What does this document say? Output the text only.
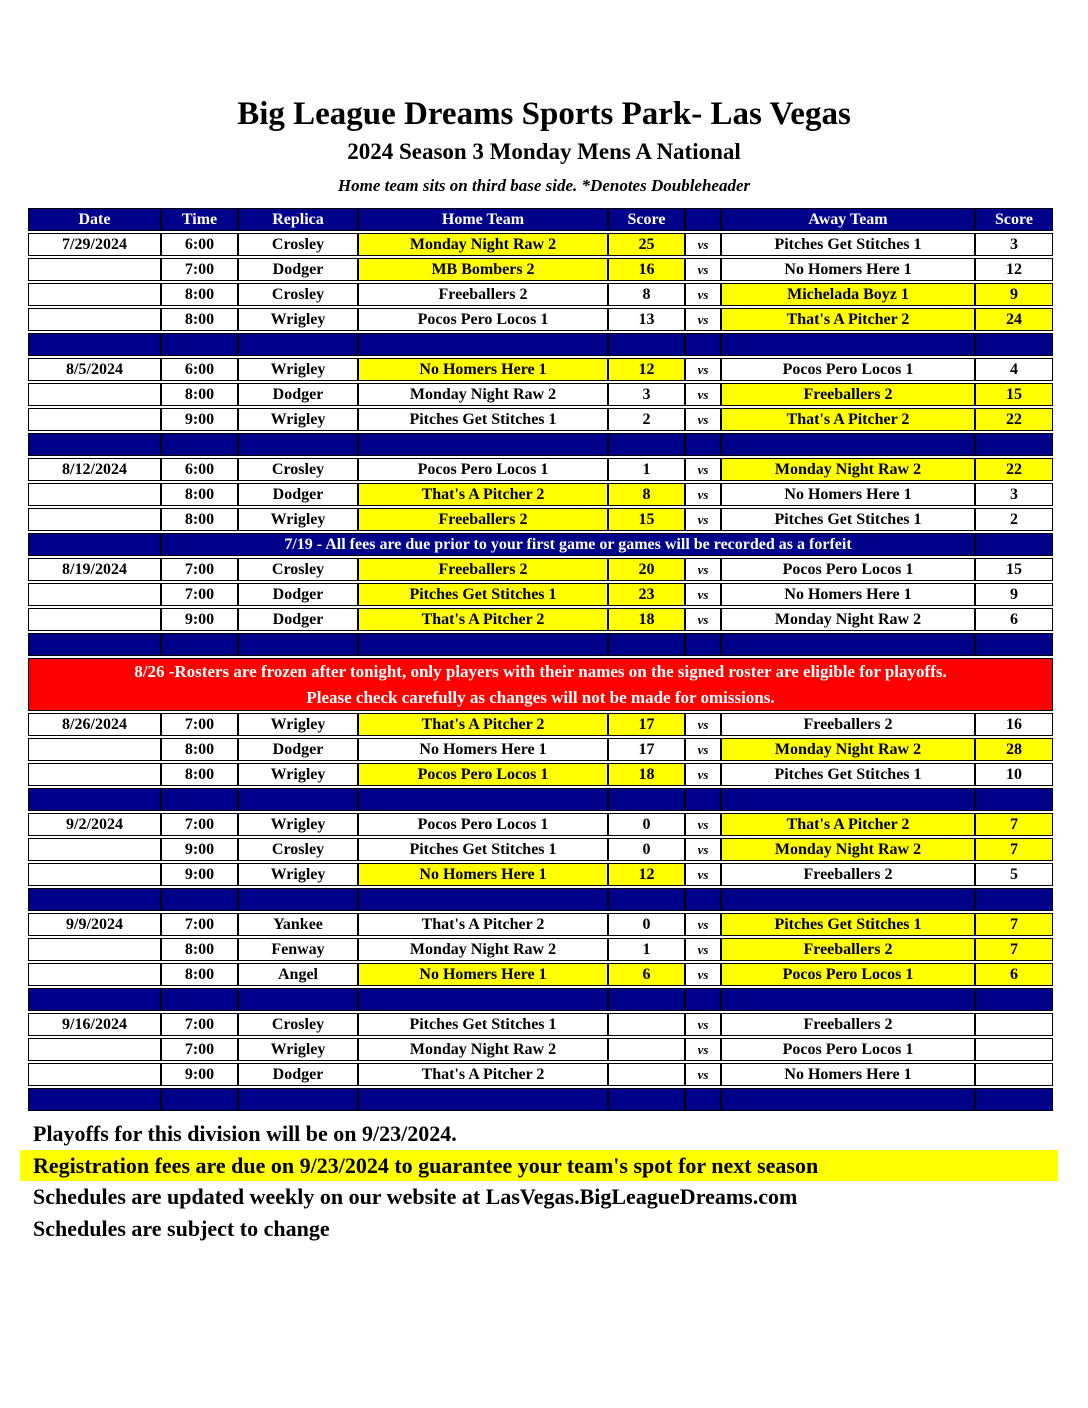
Big League Dreams Sports Park- Las Vegas
2024 Season 3 Monday Mens A National
Home team sits on third base side. *Denotes Doubleheader
Date	Time	Replica	Home Team	Score		Away Team	Score
7/29/2024	6:00	Crosley	Monday Night Raw 2	25	vs	Pitches Get Stitches 1	3
	7:00	Dodger	MB Bombers 2	16	vs	No Homers Here 1	12
	8:00	Crosley	Freeballers 2	8	vs	Michelada Boyz 1	9
	8:00	Wrigley	Pocos Pero Locos 1	13	vs	That's A Pitcher 2	24

8/5/2024	6:00	Wrigley	No Homers Here 1	12	vs	Pocos Pero Locos 1	4
	8:00	Dodger	Monday Night Raw 2	3	vs	Freeballers 2	15
	9:00	Wrigley	Pitches Get Stitches 1	2	vs	That's A Pitcher 2	22

8/12/2024	6:00	Crosley	Pocos Pero Locos 1	1	vs	Monday Night Raw 2	22
	8:00	Dodger	That's A Pitcher 2	8	vs	No Homers Here 1	3
	8:00	Wrigley	Freeballers 2	15	vs	Pitches Get Stitches 1	2
	7/19 - All fees are due prior to your first game or games will be recorded as a forfeit						
8/19/2024	7:00	Crosley	Freeballers 2	20	vs	Pocos Pero Locos 1	15
	7:00	Dodger	Pitches Get Stitches 1	23	vs	No Homers Here 1	9
	9:00	Dodger	That's A Pitcher 2	18	vs	Monday Night Raw 2	6

8/26 -Rosters are frozen after tonight, only players with their names on the signed roster are eligible for playoffs.
Please check carefully as changes will not be made for omissions.							

8/26/2024	7:00	Wrigley	That's A Pitcher 2	17	vs	Freeballers 2	16
	8:00	Dodger	No Homers Here 1	17	vs	Monday Night Raw 2	28
	8:00	Wrigley	Pocos Pero Locos 1	18	vs	Pitches Get Stitches 1	10

9/2/2024	7:00	Wrigley	Pocos Pero Locos 1	0	vs	That's A Pitcher 2	7
	9:00	Crosley	Pitches Get Stitches 1	0	vs	Monday Night Raw 2	7
	9:00	Wrigley	No Homers Here 1	12	vs	Freeballers 2	5

9/9/2024	7:00	Yankee	That's A Pitcher 2	0	vs	Pitches Get Stitches 1	7
	8:00	Fenway	Monday Night Raw 2	1	vs	Freeballers 2	7
	8:00	Angel	No Homers Here 1	6	vs	Pocos Pero Locos 1	6

9/16/2024	7:00	Crosley	Pitches Get Stitches 1		vs	Freeballers 2	
	7:00	Wrigley	Monday Night Raw 2		vs	Pocos Pero Locos 1	
	9:00	Dodger	That's A Pitcher 2		vs	No Homers Here 1	

Playoffs for this division will be on 9/23/2024.
Registration fees are due on 9/23/2024 to guarantee your team's spot for next season
Schedules are updated weekly on our website at LasVegas.BigLeagueDreams.com
Schedules are subject to change
